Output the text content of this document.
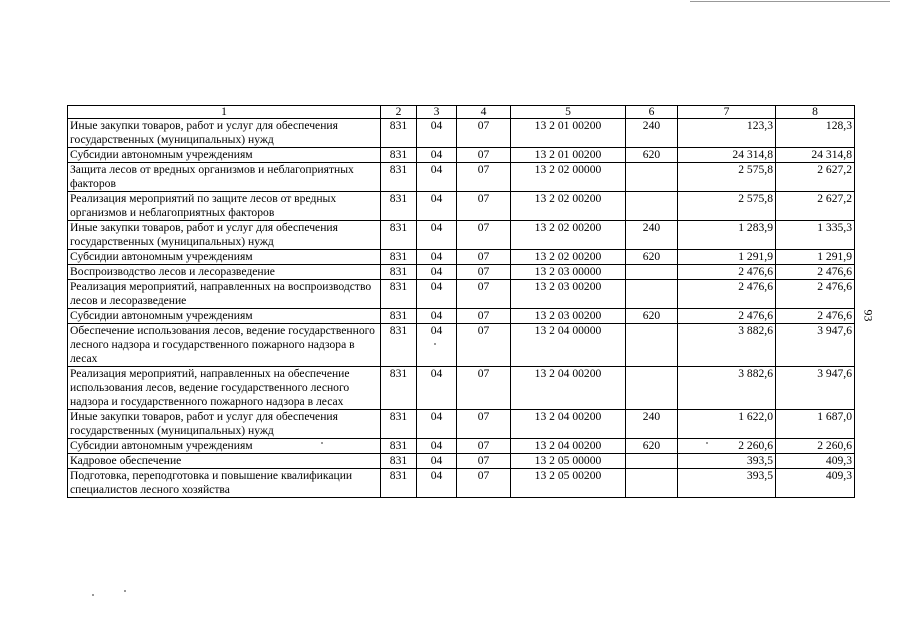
1	2	3	4	5	6	7	8
Иные закупки товаров, работ и услуг для обеспечения государственных (муниципальных) нужд	831	04	07	13 2 01 00200	240	123,3	128,3
Субсидии автономным учреждениям	831	04	07	13 2 01 00200	620	24 314,8	24 314,8
Защита лесов от вредных организмов и неблагоприятных факторов	831	04	07	13 2 02 00000		2 575,8	2 627,2
Реализация мероприятий по защите лесов от вредных организмов и неблагоприятных факторов	831	04	07	13 2 02 00200		2 575,8	2 627,2
Иные закупки товаров, работ и услуг для обеспечения государственных (муниципальных) нужд	831	04	07	13 2 02 00200	240	1 283,9	1 335,3
Субсидии автономным учреждениям	831	04	07	13 2 02 00200	620	1 291,9	1 291,9
Воспроизводство лесов и лесоразведение	831	04	07	13 2 03 00000		2 476,6	2 476,6
Реализация мероприятий, направленных на воспроизводство лесов и лесоразведение	831	04	07	13 2 03 00200		2 476,6	2 476,6
Субсидии автономным учреждениям	831	04	07	13 2 03 00200	620	2 476,6	2 476,6
Обеспечение использования лесов, ведение государственного лесного надзора и государственного пожарного надзора в лесах	831	04	07	13 2 04 00000		3 882,6	3 947,6
Реализация мероприятий, направленных на обеспечение использования лесов, ведение государственного лесного надзора и государственного пожарного надзора в лесах	831	04	07	13 2 04 00200		3 882,6	3 947,6
Иные закупки товаров, работ и услуг для обеспечения государственных (муниципальных) нужд	831	04	07	13 2 04 00200	240	1 622,0	1 687,0
Субсидии автономным учреждениям	831	04	07	13 2 04 00200	620	2 260,6	2 260,6
Кадровое обеспечение	831	04	07	13 2 05 00000		393,5	409,3
Подготовка, переподготовка и повышение квалификации специалистов лесного хозяйства	831	04	07	13 2 05 00200		393,5	409,3
93
